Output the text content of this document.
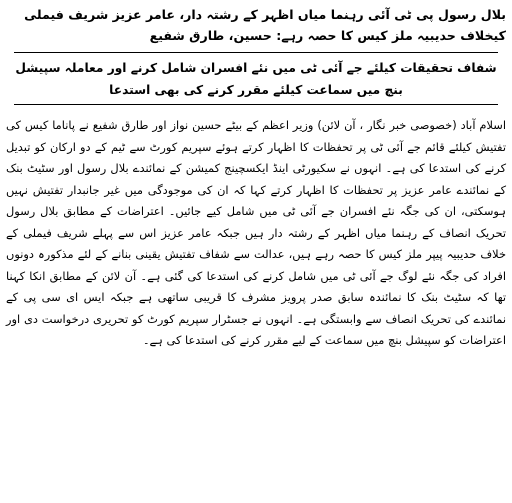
بلال رسول پی ٹی آئی رہنما میاں اظہر کے رشتہ دار، عامر عزیز شریف فیملی کیخلاف حدیبیہ ملز کیس کا حصہ رہے: حسین، طارق شفیع

شفاف تحقیقات کیلئے جے آئی ٹی میں نئے افسران شامل کرنے اور معاملہ سپیشل بنچ میں سماعت کیلئے مقرر کرنے کی بھی استدعا

اسلام آباد (خصوصی خبر نگار ، آن لائن) وزیر اعظم کے بیٹے حسین نواز اور طارق شفیع نے پاناما کیس کی تفتیش کیلئے قائم جے آئی ٹی پر تحفظات کا اظہار کرتے ہوئے سپریم کورٹ سے ٹیم کے دو ارکان کو تبدیل کرنے کی استدعا کی ہے۔ انہوں نے سکیورٹی اینڈ ایکسچینج کمیشن کے نمائندے بلال رسول اور سٹیٹ بنک کے نمائندے عامر عزیز پر تحفظات کا اظہار کرتے کہا کہ ان کی موجودگی میں غیر جانبدار تفتیش نہیں ہوسکتی، ان کی جگہ نئے افسران جے آئی ٹی میں شامل کیے جائیں۔ اعتراضات کے مطابق بلال رسول تحریک انصاف کے رہنما میاں اظہر کے رشتہ دار ہیں جبکہ عامر عزیز اس سے پہلے شریف فیملی کے خلاف حدیبیہ پیپر ملز کیس کا حصہ رہے ہیں، عدالت سے شفاف تفتیش یقینی بنانے کے لئے مذکورہ دونوں افراد کی جگہ نئے لوگ جے آئی ٹی میں شامل کرنے کی استدعا کی گئی ہے۔ آن لائن کے مطابق انکا کہنا تھا کہ سٹیٹ بنک کا نمائندہ سابق صدر پرویز مشرف کا قریبی ساتھی ہے جبکہ ایس ای سی پی کے نمائندے کی تحریک انصاف سے وابستگی ہے۔ انہوں نے جسٹرار سپریم کورٹ کو تحریری درخواست دی اور اعتراضات کو سپیشل بنچ میں سماعت کے لیے مقرر کرنے کی استدعا کی ہے۔
